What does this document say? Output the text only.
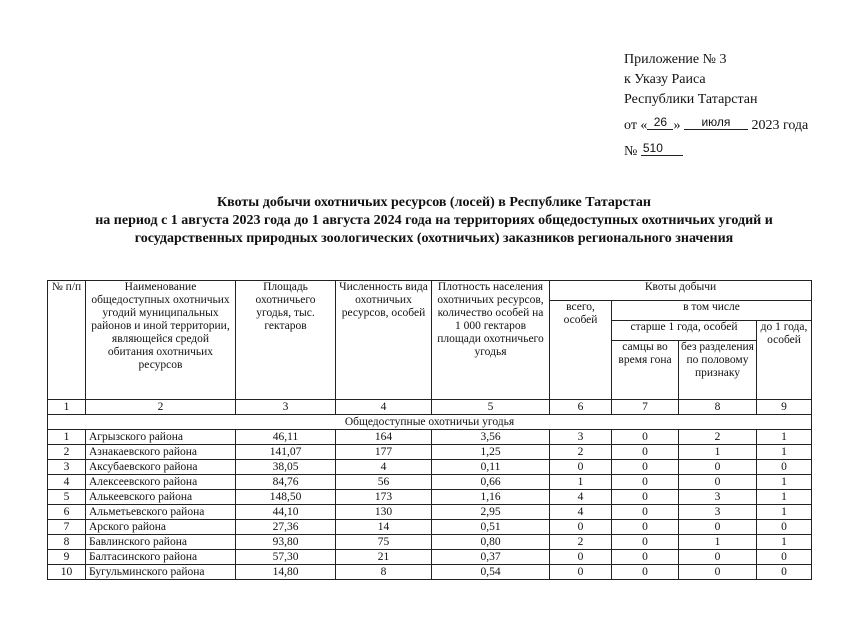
Приложение № 3
к Указу Раиса
Республики Татарстан
от « 26 » июля 2023 года
№ 510
Квоты добычи охотничьих ресурсов (лосей) в Республике Татарстан
на период с 1 августа 2023 года до 1 августа 2024 года на территориях общедоступных охотничьих угодий и
государственных природных зоологических (охотничьих) заказников регионального значения
№ п/п	Наименование общедоступных охотничьих угодий муниципальных районов и иной территории, являющейся средой обитания охотничьих ресурсов	Площадь охотничьего угодья, тыс. гектаров	Численность вида охотничьих ресурсов, особей	Плотность населения охотничьих ресурсов, количество особей на 1 000 гектаров площади охотничьего угодья	Квоты добычи			
					всего, особей	в том числе		
						старше 1 года, особей		до 1 года, особей
						самцы во время гона	без разделения по половому признаку	
1	2	3	4	5	6	7	8	9
Общедоступные охотничьи угодья								
1	Агрызского района	46,11	164	3,56	3	0	2	1
2	Азнакаевского района	141,07	177	1,25	2	0	1	1
3	Аксубаевского района	38,05	4	0,11	0	0	0	0
4	Алексеевского района	84,76	56	0,66	1	0	0	1
5	Алькеевского района	148,50	173	1,16	4	0	3	1
6	Альметьевского района	44,10	130	2,95	4	0	3	1
7	Арского района	27,36	14	0,51	0	0	0	0
8	Бавлинского района	93,80	75	0,80	2	0	1	1
9	Балтасинского района	57,30	21	0,37	0	0	0	0
10	Бугульминского района	14,80	8	0,54	0	0	0	0
